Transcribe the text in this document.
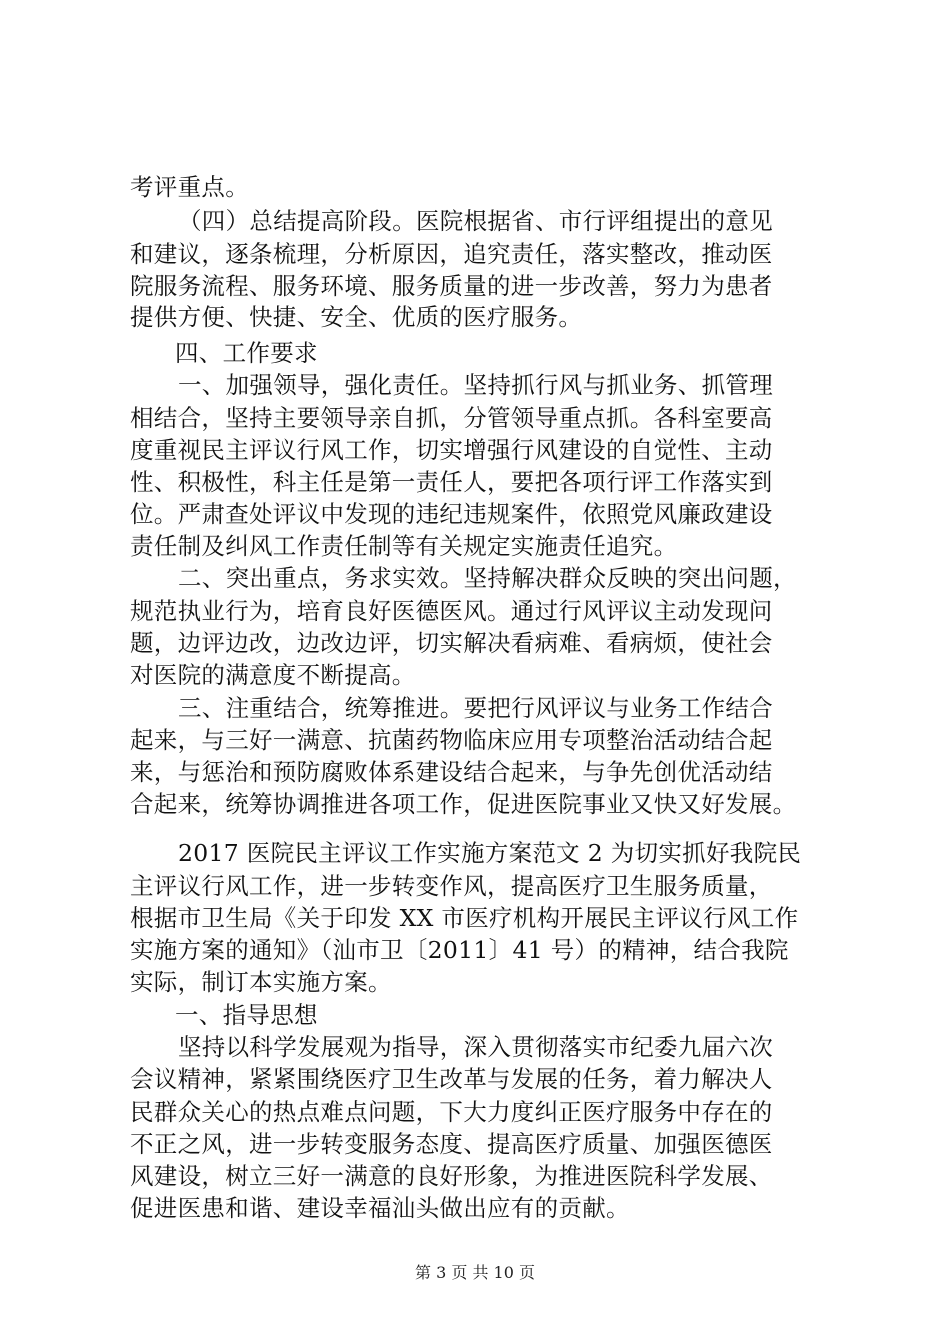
考评重点。
（四）总结提高阶段。医院根据省、市行评组提出的意见
和建议，逐条梳理，分析原因，追究责任，落实整改，推动医
院服务流程、服务环境、服务质量的进一步改善，努力为患者
提供方便、快捷、安全、优质的医疗服务。
四、工作要求
一、加强领导，强化责任。坚持抓行风与抓业务、抓管理
相结合，坚持主要领导亲自抓，分管领导重点抓。各科室要高
度重视民主评议行风工作，切实增强行风建设的自觉性、主动
性、积极性，科主任是第一责任人，要把各项行评工作落实到
位。严肃查处评议中发现的违纪违规案件，依照党风廉政建设
责任制及纠风工作责任制等有关规定实施责任追究。
二、突出重点，务求实效。坚持解决群众反映的突出问题，
规范执业行为，培育良好医德医风。通过行风评议主动发现问
题，边评边改，边改边评，切实解决看病难、看病烦，使社会
对医院的满意度不断提高。
三、注重结合，统筹推进。要把行风评议与业务工作结合
起来，与三好一满意、抗菌药物临床应用专项整治活动结合起
来，与惩治和预防腐败体系建设结合起来，与争先创优活动结
合起来，统筹协调推进各项工作，促进医院事业又快又好发展。
2017 医院民主评议工作实施方案范文 2 为切实抓好我院民
主评议行风工作，进一步转变作风，提高医疗卫生服务质量，
根据市卫生局《关于印发 XX 市医疗机构开展民主评议行风工作
实施方案的通知》（汕市卫〔2011〕41 号）的精神，结合我院
实际，制订本实施方案。
一、指导思想
坚持以科学发展观为指导，深入贯彻落实市纪委九届六次
会议精神，紧紧围绕医疗卫生改革与发展的任务，着力解决人
民群众关心的热点难点问题，下大力度纠正医疗服务中存在的
不正之风，进一步转变服务态度、提高医疗质量、加强医德医
风建设，树立三好一满意的良好形象，为推进医院科学发展、
促进医患和谐、建设幸福汕头做出应有的贡献。
第 3 页 共 10 页
